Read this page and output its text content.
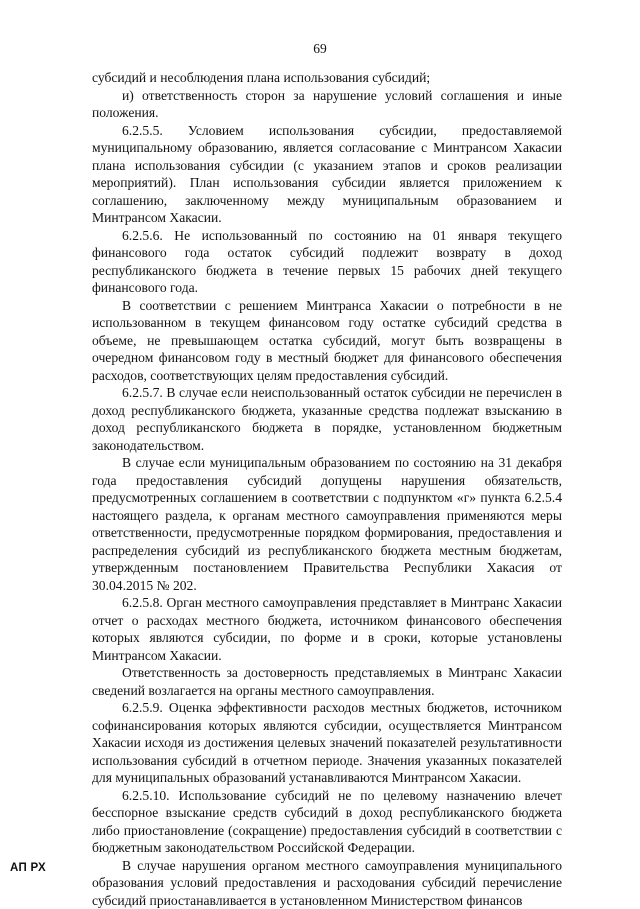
69

субсидий и несоблюдения плана использования субсидий;

и) ответственность сторон за нарушение условий соглашения и иные положения.

6.2.5.5. Условием использования субсидии, предоставляемой муниципальному образованию, является согласование с Минтрансом Хакасии плана использования субсидии (с указанием этапов и сроков реализации мероприятий). План использования субсидии является приложением к соглашению, заключенному между муниципальным образованием и Минтрансом Хакасии.

6.2.5.6. Не использованный по состоянию на 01 января текущего финансового года остаток субсидий подлежит возврату в доход республиканского бюджета в течение первых 15 рабочих дней текущего финансового года.

В соответствии с решением Минтранса Хакасии о потребности в не использованном в текущем финансовом году остатке субсидий средства в объеме, не превышающем остатка субсидий, могут быть возвращены в очередном финансовом году в местный бюджет для финансового обеспечения расходов, соответствующих целям предоставления субсидий.

6.2.5.7. В случае если неиспользованный остаток субсидии не перечислен в доход республиканского бюджета, указанные средства подлежат взысканию в доход республиканского бюджета в порядке, установленном бюджетным законодательством.

В случае если муниципальным образованием по состоянию на 31 декабря года предоставления субсидий допущены нарушения обязательств, предусмотренных соглашением в соответствии с подпунктом «г» пункта 6.2.5.4 настоящего раздела, к органам местного самоуправления применяются меры ответственности, предусмотренные порядком формирования, предоставления и распределения субсидий из республиканского бюджета местным бюджетам, утвержденным постановлением Правительства Республики Хакасия от 30.04.2015 № 202.

6.2.5.8. Орган местного самоуправления представляет в Минтранс Хакасии отчет о расходах местного бюджета, источником финансового обеспечения которых являются субсидии, по форме и в сроки, которые установлены Минтрансом Хакасии.

Ответственность за достоверность представляемых в Минтранс Хакасии сведений возлагается на органы местного самоуправления.

6.2.5.9. Оценка эффективности расходов местных бюджетов, источником софинансирования которых являются субсидии, осуществляется Минтрансом Хакасии исходя из достижения целевых значений показателей результативности использования субсидий в отчетном периоде. Значения указанных показателей для муниципальных образований устанавливаются Минтрансом Хакасии.

6.2.5.10. Использование субсидий не по целевому назначению влечет бесспорное взыскание средств субсидий в доход республиканского бюджета либо приостановление (сокращение) предоставления субсидий в соответствии с бюджетным законодательством Российской Федерации.

В случае нарушения органом местного самоуправления муниципального образования условий предоставления и расходования субсидий перечисление субсидий приостанавливается в установленном Министерством финансов

АП РХ
